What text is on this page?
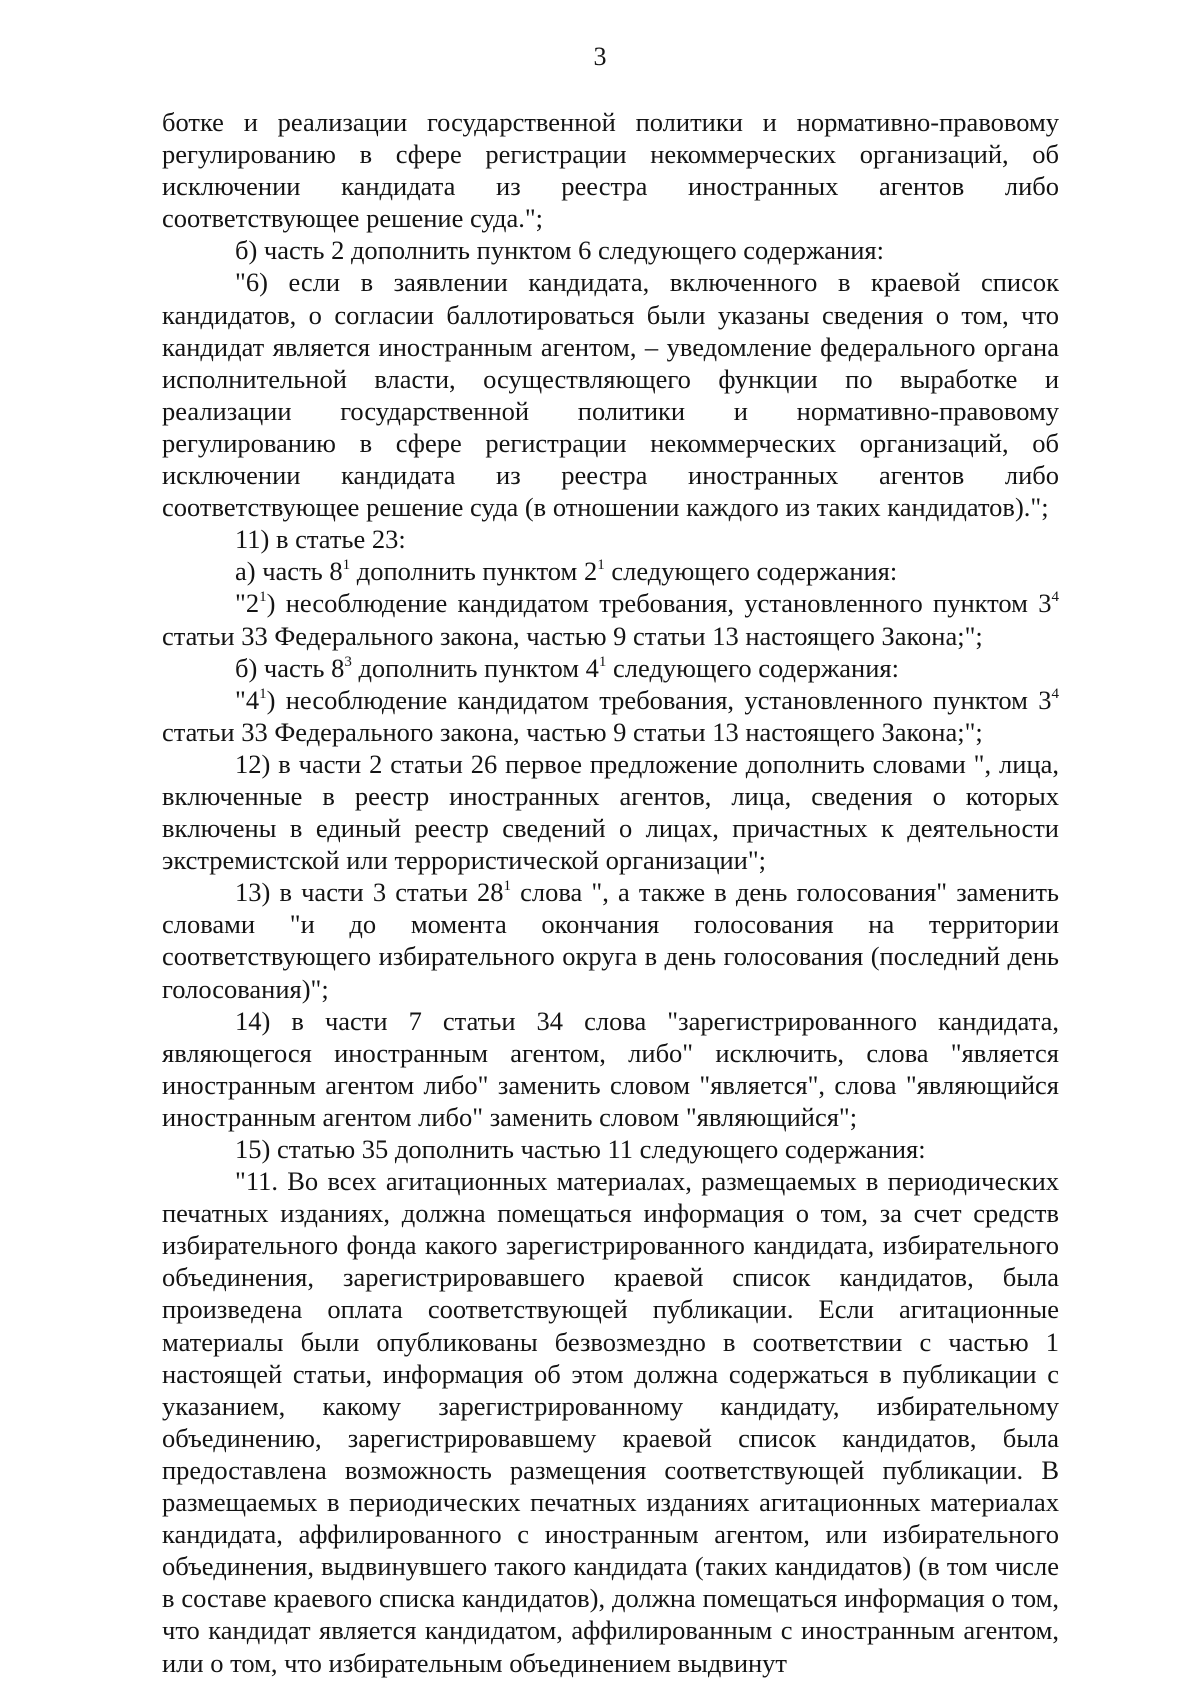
3

ботке и реализации государственной политики и нормативно-правовому регулированию в сфере регистрации некоммерческих организаций, об исключении кандидата из реестра иностранных агентов либо соответствующее решение суда.";

б) часть 2 дополнить пунктом 6 следующего содержания:

"6) если в заявлении кандидата, включенного в краевой список кандидатов, о согласии баллотироваться были указаны сведения о том, что кандидат является иностранным агентом, – уведомление федерального органа исполнительной власти, осуществляющего функции по выработке и реализации государственной политики и нормативно-правовому регулированию в сфере регистрации некоммерческих организаций, об исключении кандидата из реестра иностранных агентов либо соответствующее решение суда (в отношении каждого из таких кандидатов).";

11) в статье 23:

а) часть $8^1$ дополнить пунктом $2^1$ следующего содержания:

"$2^1$) несоблюдение кандидатом требования, установленного пунктом $3^4$ статьи 33 Федерального закона, частью 9 статьи 13 настоящего Закона;";

б) часть $8^3$ дополнить пунктом $4^1$ следующего содержания:

"$4^1$) несоблюдение кандидатом требования, установленного пунктом $3^4$ статьи 33 Федерального закона, частью 9 статьи 13 настоящего Закона;";

12) в части 2 статьи 26 первое предложение дополнить словами ", лица, включенные в реестр иностранных агентов, лица, сведения о которых включены в единый реестр сведений о лицах, причастных к деятельности экстремистской или террористической организации";

13) в части 3 статьи $28^1$ слова ", а также в день голосования" заменить словами "и до момента окончания голосования на территории соответствующего избирательного округа в день голосования (последний день голосования)";

14) в части 7 статьи 34 слова "зарегистрированного кандидата, являющегося иностранным агентом, либо" исключить, слова "является иностранным агентом либо" заменить словом "является", слова "являющийся иностранным агентом либо" заменить словом "являющийся";

15) статью 35 дополнить частью 11 следующего содержания:

"11. Во всех агитационных материалах, размещаемых в периодических печатных изданиях, должна помещаться информация о том, за счет средств избирательного фонда какого зарегистрированного кандидата, избирательного объединения, зарегистрировавшего краевой список кандидатов, была произведена оплата соответствующей публикации. Если агитационные материалы были опубликованы безвозмездно в соответствии с частью 1 настоящей статьи, информация об этом должна содержаться в публикации с указанием, какому зарегистрированному кандидату, избирательному объединению, зарегистрировавшему краевой список кандидатов, была предоставлена возможность размещения соответствующей публикации. В размещаемых в периодических печатных изданиях агитационных материалах кандидата, аффилированного с иностранным агентом, или избирательного объединения, выдвинувшего такого кандидата (таких кандидатов) (в том числе в составе краевого списка кандидатов), должна помещаться информация о том, что кандидат является кандидатом, аффилированным с иностранным агентом, или о том, что избирательным объединением выдвинут
